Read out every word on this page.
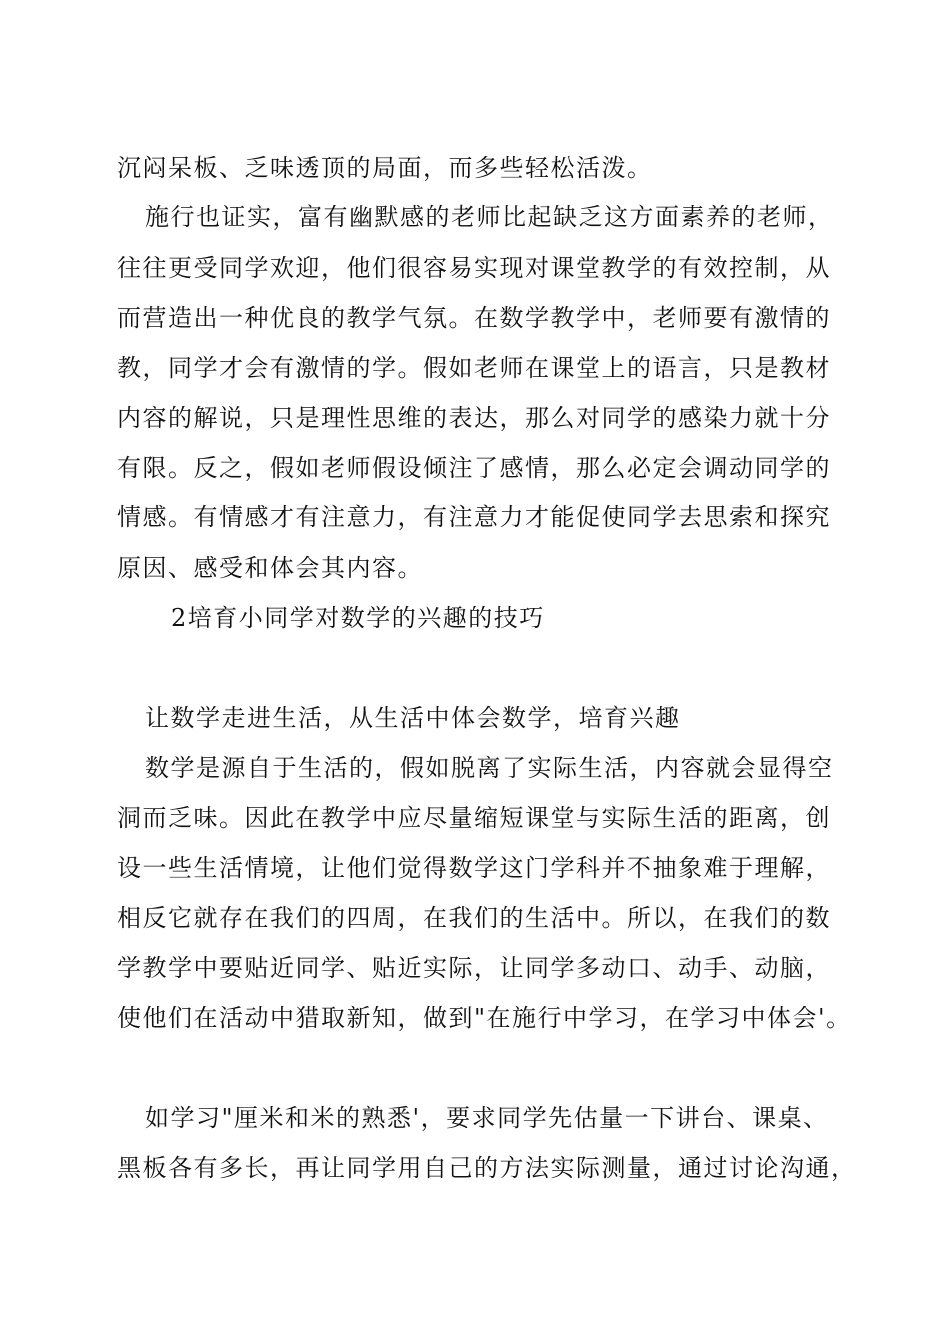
沉闷呆板、乏味透顶的局面，而多些轻松活泼。
施行也证实，富有幽默感的老师比起缺乏这方面素养的老师，
往往更受同学欢迎，他们很容易实现对课堂教学的有效控制，从
而营造出一种优良的教学气氛。在数学教学中，老师要有激情的
教，同学才会有激情的学。假如老师在课堂上的语言，只是教材
内容的解说，只是理性思维的表达，那么对同学的感染力就十分
有限。反之，假如老师假设倾注了感情，那么必定会调动同学的
情感。有情感才有注意力，有注意力才能促使同学去思索和探究
原因、感受和体会其内容。
2培育小同学对数学的兴趣的技巧
让数学走进生活，从生活中体会数学，培育兴趣
数学是源自于生活的，假如脱离了实际生活，内容就会显得空
洞而乏味。因此在教学中应尽量缩短课堂与实际生活的距离，创
设一些生活情境，让他们觉得数学这门学科并不抽象难于理解，
相反它就存在我们的四周，在我们的生活中。所以，在我们的数
学教学中要贴近同学、贴近实际，让同学多动口、动手、动脑，
使他们在活动中猎取新知，做到"在施行中学习，在学习中体会'。
如学习"厘米和米的熟悉'，要求同学先估量一下讲台、课桌、
黑板各有多长，再让同学用自己的方法实际测量，通过讨论沟通，
